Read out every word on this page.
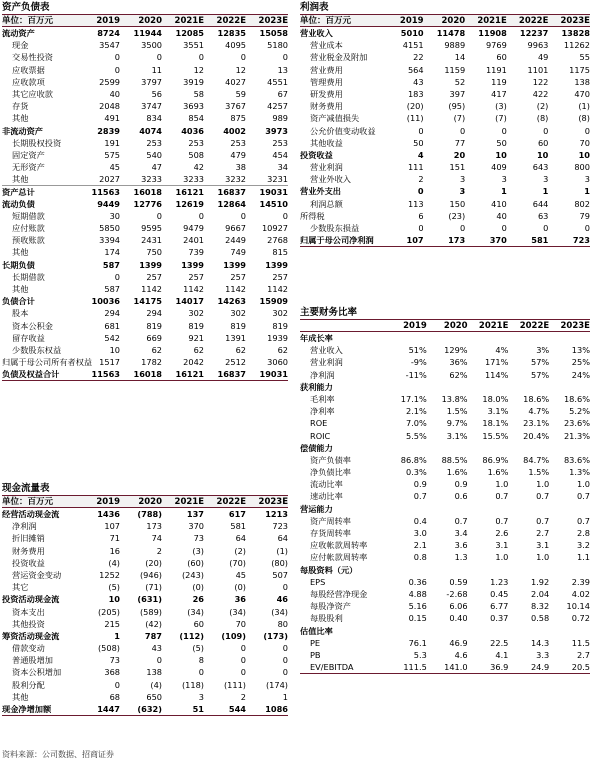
资产负债表
单位：百万元	2019	2020	2021E	2022E	2023E
流动资产	8724	11944	12085	12835	15058
现金	3547	3500	3551	4095	5180
交易性投资	0	0	0	0	0
应收票据	0	11	12	12	13
应收款项	2599	3797	3919	4027	4551
其它应收款	40	56	58	59	67
存货	2048	3747	3693	3767	4257
其他	491	834	854	875	989
非流动资产	2839	4074	4036	4002	3973
长期股权投资	191	253	253	253	253
固定资产	575	540	508	479	454
无形资产	45	47	42	38	34
其他	2027	3233	3233	3232	3231
资产总计	11563	16018	16121	16837	19031
流动负债	9449	12776	12619	12864	14510
短期借款	30	0	0	0	0
应付账款	5850	9595	9479	9667	10927
预收账款	3394	2431	2401	2449	2768
其他	174	750	739	749	815
长期负债	587	1399	1399	1399	1399
长期借款	0	257	257	257	257
其他	587	1142	1142	1142	1142
负债合计	10036	14175	14017	14263	15909
股本	294	294	302	302	302
资本公积金	681	819	819	819	819
留存收益	542	669	921	1391	1939
少数股东权益	10	62	62	62	62
归属于母公司所有者权益 1517	1782	2042	2512	3060
负债及权益合计	11563	16018	16121	16837	19031
现金流量表
单位：百万元	2019	2020	2021E	2022E	2023E
经营活动现金流	1436	(788)	137	617	1213
净利润	107	173	370	581	723
折旧摊销	71	74	73	64	64
财务费用	16	2	(3)	(2)	(1)
投资收益	(4)	(20)	(60)	(70)	(80)
营运资金变动	1252	(946)	(243)	45	507
其它	(5)	(71)	(0)	(0)	0
投资活动现金流	10	(631)	26	36	46
资本支出	(205)	(589)	(34)	(34)	(34)
其他投资	215	(42)	60	70	80
筹资活动现金流	1	787	(112)	(109)	(173)
借款变动	(508)	43	(5)	0	0
普通股增加	73	0	8	0	0
资本公积增加	368	138	0	0	0
股利分配	0	(4)	(118)	(111)	(174)
其他	68	650	3	2	1
现金净增加额	1447	(632)	51	544	1086
利润表
单位：百万元	2019	2020	2021E	2022E	2023E
营业收入	5010	11478	11908	12237	13828
营业成本	4151	9889	9769	9963	11262
营业税金及附加	22	14	60	49	55
营业费用	564	1159	1191	1101	1175
管理费用	43	52	119	122	138
研发费用	183	397	417	422	470
财务费用	(20)	(95)	(3)	(2)	(1)
资产减值损失	(11)	(7)	(7)	(8)	(8)
公允价值变动收益	0	0	0	0	0
其他收益	50	77	50	60	70
投资收益	4	20	10	10	10
营业利润	111	151	409	643	800
营业外收入	2	3	3	3	3
营业外支出	0	3	1	1	1
利润总额	113	150	410	644	802
所得税	6	(23)	40	63	79
少数股东损益	0	0	0	0	0
归属于母公司净利润	107	173	370	581	723
主要财务比率
2019	2020	2021E	2022E	2023E
年成长率
营业收入	51%	129%	4%	3%	13%
营业利润	-9%	36%	171%	57%	25%
净利润	-11%	62%	114%	57%	24%
获利能力
毛利率	17.1%	13.8%	18.0%	18.6%	18.6%
净利率	2.1%	1.5%	3.1%	4.7%	5.2%
ROE	7.0%	9.7%	18.1%	23.1%	23.6%
ROIC	5.5%	3.1%	15.5%	20.4%	21.3%
偿债能力
资产负债率	86.8%	88.5%	86.9%	84.7%	83.6%
净负债比率	0.3%	1.6%	1.6%	1.5%	1.3%
流动比率	0.9	0.9	1.0	1.0	1.0
速动比率	0.7	0.6	0.7	0.7	0.7
营运能力
资产周转率	0.4	0.7	0.7	0.7	0.7
存货周转率	3.0	3.4	2.6	2.7	2.8
应收帐款周转率	2.1	3.6	3.1	3.1	3.2
应付帐款周转率	0.8	1.3	1.0	1.0	1.1
每股资料（元）
EPS	0.36	0.59	1.23	1.92	2.39
每股经营净现金	4.88	-2.68	0.45	2.04	4.02
每股净资产	5.16	6.06	6.77	8.32	10.14
每股股利	0.15	0.40	0.37	0.58	0.72
估值比率
PE	76.1	46.9	22.5	14.3	11.5
PB	5.3	4.6	4.1	3.3	2.7
EV/EBITDA	111.5	141.0	36.9	24.9	20.5
资料来源：公司数据、招商证券
